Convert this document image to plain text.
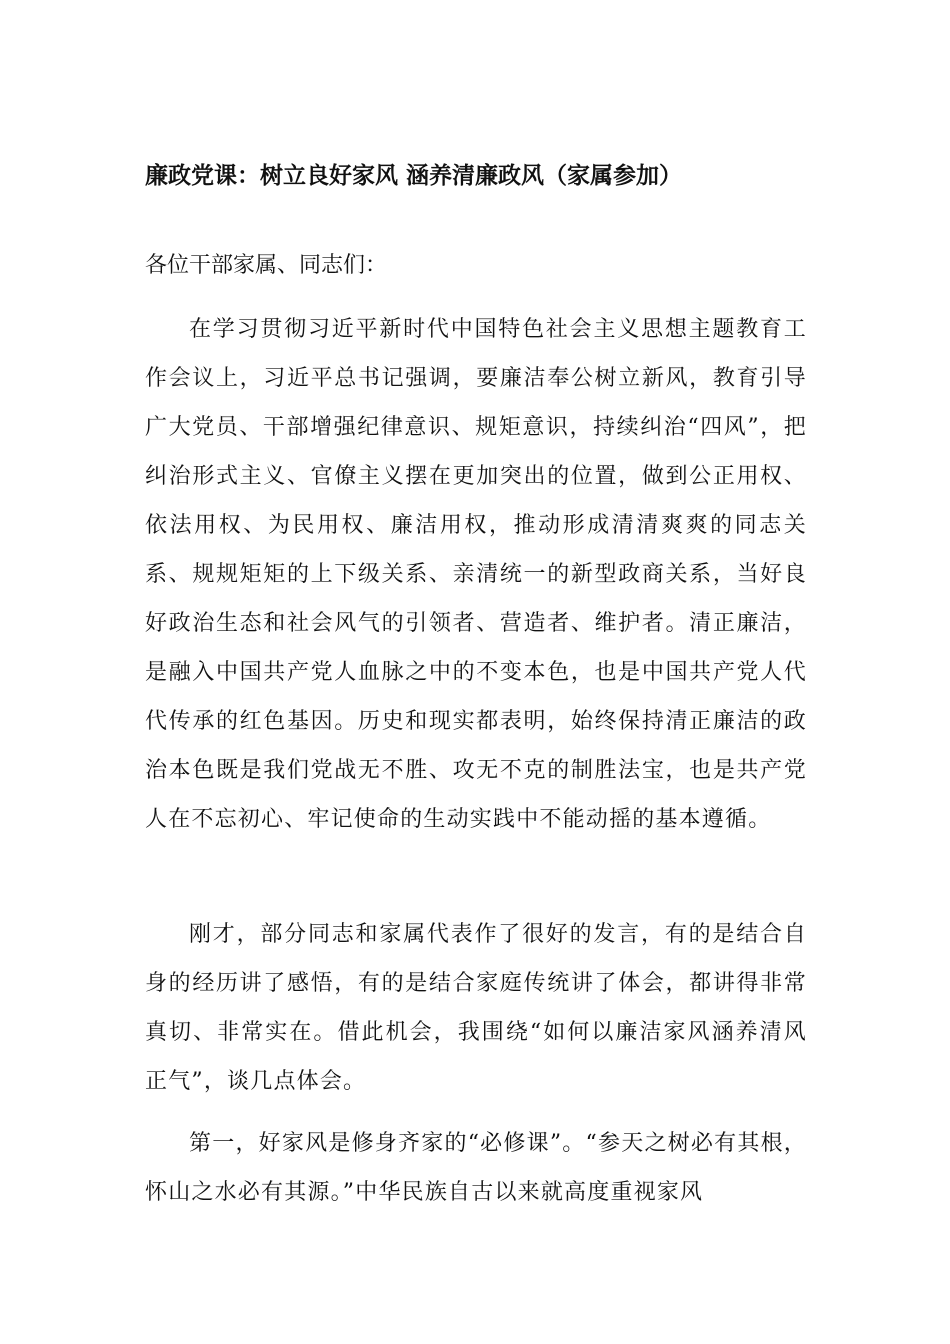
廉政党课：树立良好家风 涵养清廉政风（家属参加）

各位干部家属、同志们：

在学习贯彻习近平新时代中国特色社会主义思想主题教育工作会议上，习近平总书记强调，要廉洁奉公树立新风，教育引导广大党员、干部增强纪律意识、规矩意识，持续纠治“四风”，把纠治形式主义、官僚主义摆在更加突出的位置，做到公正用权、依法用权、为民用权、廉洁用权，推动形成清清爽爽的同志关系、规规矩矩的上下级关系、亲清统一的新型政商关系，当好良好政治生态和社会风气的引领者、营造者、维护者。清正廉洁，是融入中国共产党人血脉之中的不变本色，也是中国共产党人代代传承的红色基因。历史和现实都表明，始终保持清正廉洁的政治本色既是我们党战无不胜、攻无不克的制胜法宝，也是共产党人在不忘初心、牢记使命的生动实践中不能动摇的基本遵循。

刚才，部分同志和家属代表作了很好的发言，有的是结合自身的经历讲了感悟，有的是结合家庭传统讲了体会，都讲得非常真切、非常实在。借此机会，我围绕“如何以廉洁家风涵养清风正气”，谈几点体会。

第一，好家风是修身齐家的“必修课”。“参天之树必有其根，怀山之水必有其源。”中华民族自古以来就高度重视家风
